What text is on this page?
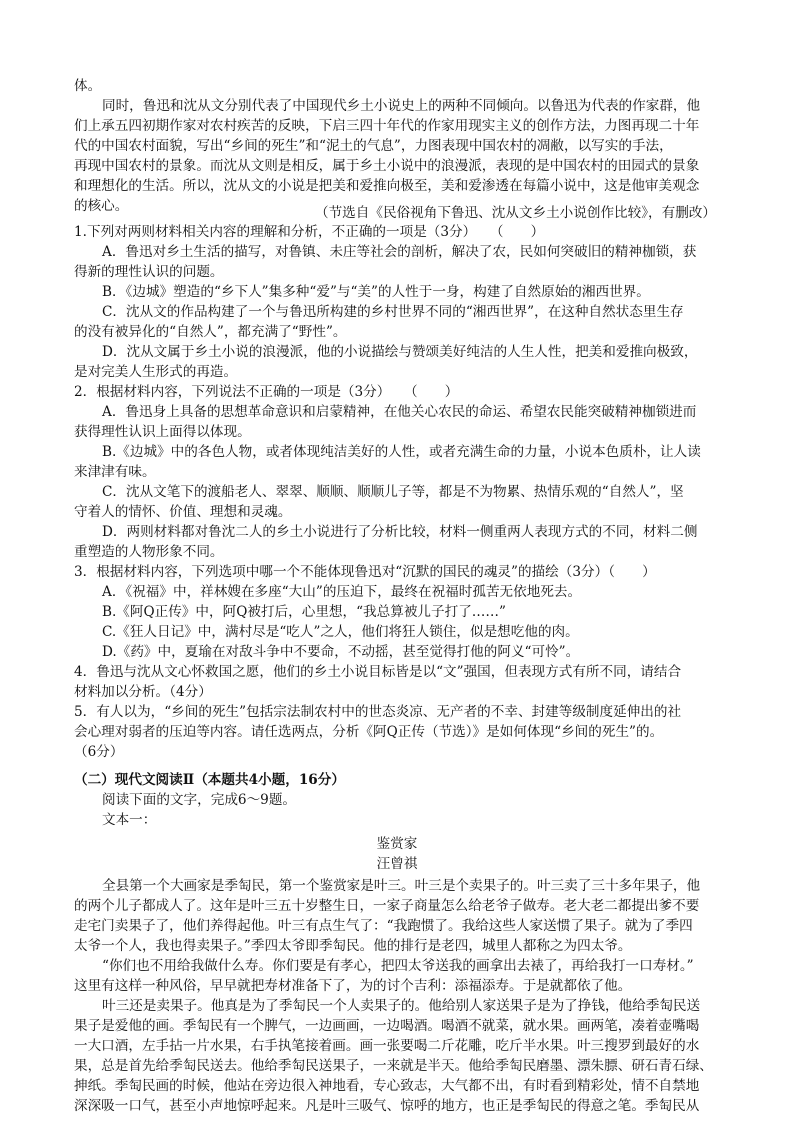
体。
同时，鲁迅和沈从文分别代表了中国现代乡土小说史上的两种不同倾向。以鲁迅为代表的作家群，他
们上承五四初期作家对农村疾苦的反映，下启三四十年代的作家用现实主义的创作方法，力图再现二十年
代的中国农村面貌，写出“乡间的死生”和“泥土的气息”，力图表现中国农村的凋敝，以写实的手法，
再现中国农村的景象。而沈从文则是相反，属于乡土小说中的浪漫派，表现的是中国农村的田园式的景象
和理想化的生活。所以，沈从文的小说是把美和爱推向极至，美和爱渗透在每篇小说中，这是他审美观念
的核心。	（节选自《民俗视角下鲁迅、沈从文乡土小说创作比较》，有删改）
1.下列对两则材料相关内容的理解和分析，不正确的一项是（3分）　　（　　）
A．鲁迅对乡土生活的描写，对鲁镇、未庄等社会的剖析，解决了农，民如何突破旧的精神枷锁，获
得新的理性认识的问题。
B．《边城》塑造的“乡下人”集多种“爱”与“美”的人性于一身，构建了自然原始的湘西世界。
C．沈从文的作品构建了一个与鲁迅所构建的乡村世界不同的“湘西世界”，在这种自然状态里生存
的没有被异化的“自然人”，都充满了“野性”。
D．沈从文属于乡土小说的浪漫派，他的小说描绘与赞颂美好纯洁的人生人性，把美和爱推向极致，
是对完美人生形式的再造。
2．根据材料内容，下列说法不正确的一项是（3分）　　（　　）
A．鲁迅身上具备的思想革命意识和启蒙精神，在他关心农民的命运、希望农民能突破精神枷锁进而
获得理性认识上面得以体现。
B.《边城》中的各色人物，或者体现纯洁美好的人性，或者充满生命的力量，小说本色质朴，让人读
来津津有味。
C．沈从文笔下的渡船老人、翠翠、顺顺、顺顺儿子等，都是不为物累、热情乐观的“自然人”，坚
守着人的情怀、价值、理想和灵魂。
D．两则材料都对鲁沈二人的乡土小说进行了分析比较，材料一侧重两人表现方式的不同，材料二侧
重塑造的人物形象不同。
3．根据材料内容，下列选项中哪一个不能体现鲁迅对“沉默的国民的魂灵”的描绘（3分）（　　）
A．《祝福》中，祥林嫂在多座“大山”的压迫下，最终在祝福时孤苦无依地死去。
B.《阿Q正传》中，阿Q被打后，心里想，“我总算被儿子打了……”
C.《狂人日记》中，满村尽是“吃人”之人，他们将狂人锁住，似是想吃他的肉。
D.《药》中，夏瑜在对敌斗争中不要命，不动摇，甚至觉得打他的阿义“可怜”。
4．鲁迅与沈从文心怀救国之愿，他们的乡土小说目标皆是以“文”强国，但表现方式有所不同，请结合
材料加以分析。（4分）
5．有人以为，“乡间的死生”包括宗法制农村中的世态炎凉、无产者的不幸、封建等级制度延伸出的社
会心理对弱者的压迫等内容。请任选两点，分析《阿Q正传（节选）》是如何体现“乡间的死生”的。
（6分）
（二）现代文阅读Ⅱ（本题共4小题，16分）
阅读下面的文字，完成6～9题。
文本一：
鉴赏家
汪曾祺
全县第一个大画家是季匋民，第一个鉴赏家是叶三。叶三是个卖果子的。叶三卖了三十多年果子，他
的两个儿子都成人了。这年是叶三五十岁整生日，一家子商量怎么给老爷子做寿。老大老二都提出爹不要
走宅门卖果子了，他们养得起他。叶三有点生气了：“我跑惯了。我给这些人家送惯了果子。就为了季四
太爷一个人，我也得卖果子。”季四太爷即季匋民。他的排行是老四，城里人都称之为四太爷。
“你们也不用给我做什么寿。你们要是有孝心，把四太爷送我的画拿出去裱了，再给我打一口寿材。”
这里有这样一种风俗，早早就把寿材准备下了，为的讨个吉利：添福添寿。于是就都依了他。
叶三还是卖果子。他真是为了季匋民一个人卖果子的。他给别人家送果子是为了挣钱，他给季匋民送
果子是爱他的画。季匋民有一个脾气，一边画画，一边喝酒。喝酒不就菜，就水果。画两笔，凑着壶嘴喝
一大口酒，左手拈一片水果，右手执笔接着画。画一张要喝二斤花雕，吃斤半水果。叶三搜罗到最好的水
果，总是首先给季匋民送去。他给季匋民送果子，一来就是半天。他给季匋民磨墨、漂朱膘、研石青石绿、
抻纸。季匋民画的时候，他站在旁边很入神地看，专心致志，大气都不出，有时看到精彩处，情不自禁地
深深吸一口气，甚至小声地惊呼起来。凡是叶三吸气、惊呼的地方，也正是季匋民的得意之笔。季匋民从
